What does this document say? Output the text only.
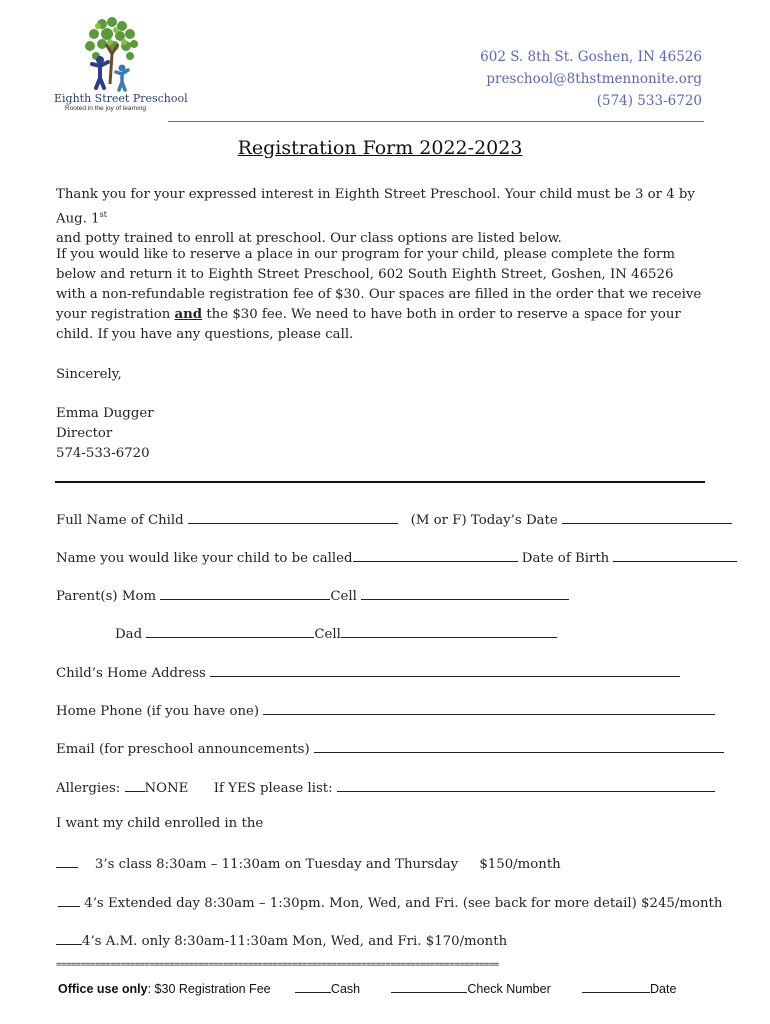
Eighth Street Preschool
Rooted in the joy of learning
602 S. 8th St. Goshen, IN 46526
preschool@8thstmennonite.org
(574) 533-6720
Registration Form 2022-2023
Thank you for your expressed interest in Eighth Street Preschool. Your child must be 3 or 4 by Aug. 1st
and potty trained to enroll at preschool. Our class options are listed below.
If you would like to reserve a place in our program for your child, please complete the form below and return it to Eighth Street Preschool, 602 South Eighth Street, Goshen, IN 46526 with a non-refundable registration fee of $30. Our spaces are filled in the order that we receive your registration and the $30 fee. We need to have both in order to reserve a space for your child. If you have any questions, please call.
Sincerely,
Emma Dugger
Director
574-533-6720
Full Name of Child	(M or F) Today’s Date
Name you would like your child to be called	Date of Birth
Parent(s) Mom	Cell
Dad	Cell
Child’s Home Address
Home Phone (if you have one)
Email (for preschool announcements)
Allergies: NONE If YES please list:
I want my child enrolled in the
3’s class 8:30am – 11:30am on Tuesday and Thursday $150/month
4’s Extended day 8:30am – 1:30pm. Mon, Wed, and Fri. (see back for more detail) $245/month
4’s A.M. only 8:30am-11:30am Mon, Wed, and Fri. $170/month
==========================================================================================
Office use only: $30 Registration Fee	Cash	Check Number	Date
